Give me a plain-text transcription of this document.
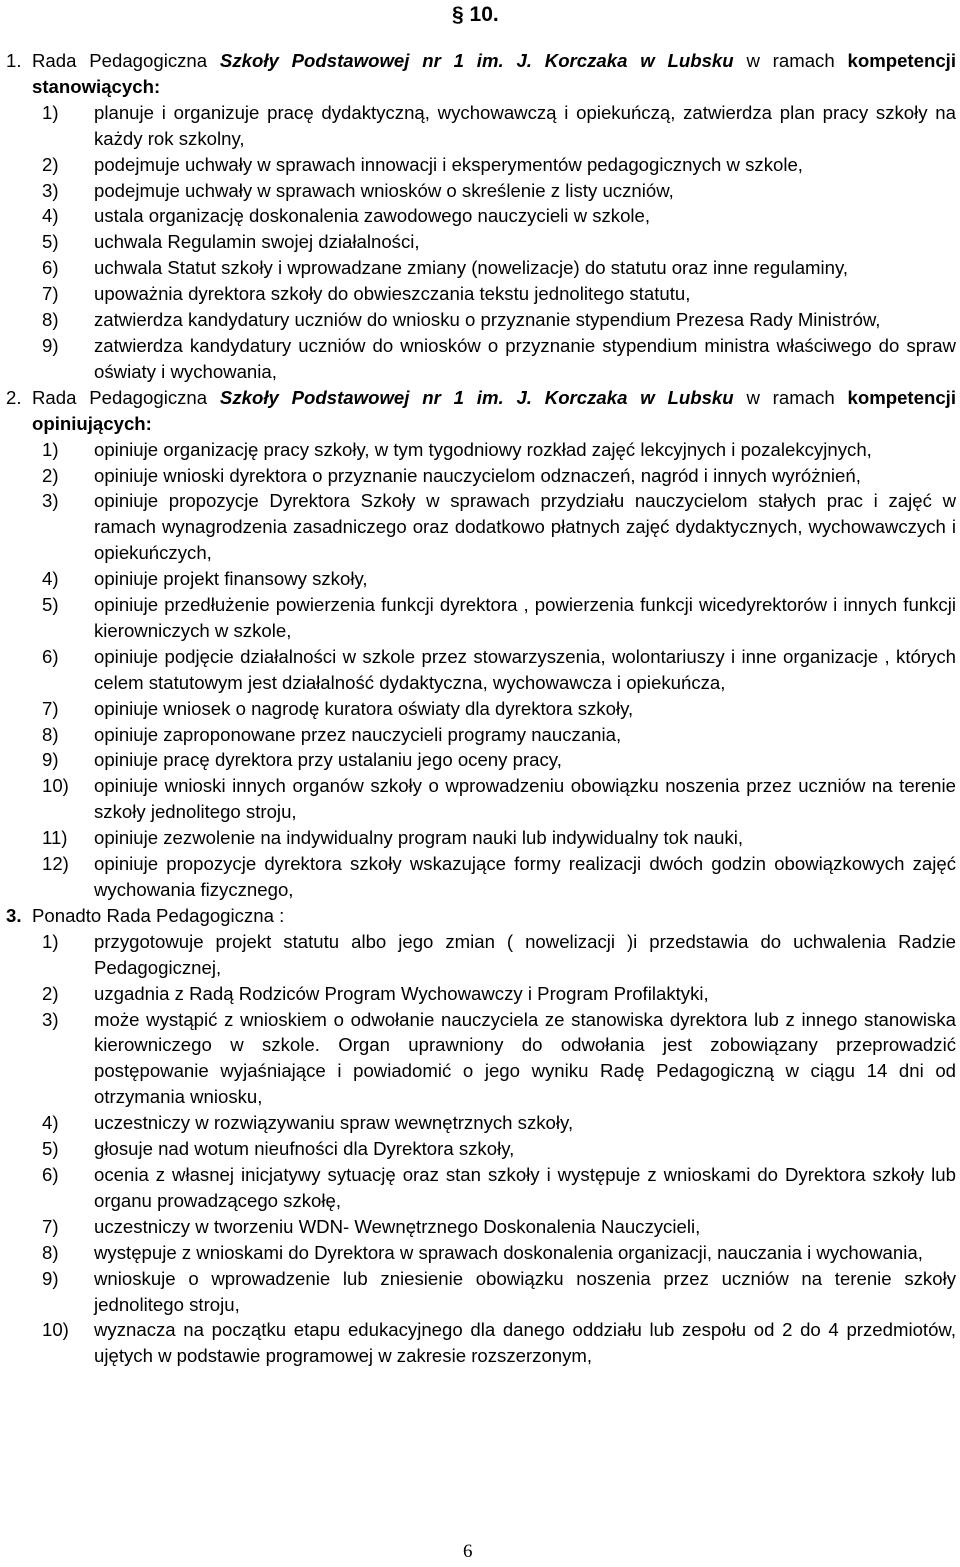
§ 10.
1. Rada Pedagogiczna Szkoły Podstawowej nr 1 im. J. Korczaka w Lubsku w ramach kompetencji stanowiących:
1)	planuje i organizuje pracę dydaktyczną, wychowawczą i opiekuńczą, zatwierdza plan pracy szkoły na każdy rok szkolny,
2)	podejmuje uchwały w sprawach innowacji i eksperymentów pedagogicznych w szkole,
3)	podejmuje uchwały w sprawach wniosków o skreślenie z listy uczniów,
4)	ustala organizację doskonalenia zawodowego nauczycieli w szkole,
5)	uchwala Regulamin swojej działalności,
6)	uchwala Statut szkoły i wprowadzane zmiany (nowelizacje) do statutu oraz inne regulaminy,
7)	upoważnia dyrektora szkoły do obwieszczania tekstu jednolitego statutu,
8)	zatwierdza kandydatury uczniów do wniosku o przyznanie stypendium Prezesa Rady Ministrów,
9)	zatwierdza kandydatury uczniów do wniosków o przyznanie stypendium ministra właściwego do spraw oświaty i wychowania,
2. Rada Pedagogiczna Szkoły Podstawowej nr 1 im. J. Korczaka w Lubsku w ramach kompetencji opiniujących:
1)	opiniuje organizację pracy szkoły, w tym tygodniowy rozkład zajęć lekcyjnych i pozalekcyjnych,
2)	opiniuje wnioski dyrektora o przyznanie nauczycielom odznaczeń, nagród i innych wyróżnień,
3)	opiniuje propozycje Dyrektora Szkoły w sprawach przydziału nauczycielom stałych prac i zajęć w ramach wynagrodzenia zasadniczego oraz dodatkowo płatnych zajęć dydaktycznych, wychowawczych i opiekuńczych,
4)	opiniuje projekt finansowy szkoły,
5)	opiniuje przedłużenie powierzenia funkcji dyrektora , powierzenia funkcji wicedyrektorów i innych funkcji kierowniczych w szkole,
6)	opiniuje podjęcie działalności w szkole przez stowarzyszenia, wolontariuszy i inne organizacje , których celem statutowym jest działalność dydaktyczna, wychowawcza i opiekuńcza,
7)	opiniuje wniosek o nagrodę kuratora oświaty dla dyrektora szkoły,
8)	opiniuje zaproponowane przez nauczycieli programy nauczania,
9)	opiniuje pracę dyrektora przy ustalaniu jego oceny pracy,
10)	opiniuje wnioski innych organów szkoły o wprowadzeniu obowiązku noszenia przez uczniów na terenie szkoły jednolitego stroju,
11)	opiniuje zezwolenie na indywidualny program nauki lub indywidualny tok nauki,
12)	opiniuje propozycje dyrektora szkoły wskazujące formy realizacji dwóch godzin obowiązkowych zajęć wychowania fizycznego,
3. Ponadto Rada Pedagogiczna :
1)	przygotowuje projekt statutu albo jego zmian ( nowelizacji )i przedstawia do uchwalenia Radzie Pedagogicznej,
2)	uzgadnia z Radą Rodziców Program Wychowawczy i Program Profilaktyki,
3)	może wystąpić z wnioskiem o odwołanie nauczyciela ze stanowiska dyrektora lub z innego stanowiska kierowniczego w szkole. Organ uprawniony do odwołania jest zobowiązany przeprowadzić postępowanie wyjaśniające i powiadomić o jego wyniku Radę Pedagogiczną w ciągu 14 dni od otrzymania wniosku,
4)	uczestniczy w rozwiązywaniu spraw wewnętrznych szkoły,
5)	głosuje nad wotum nieufności dla Dyrektora szkoły,
6)	ocenia z własnej inicjatywy sytuację oraz stan szkoły i występuje z wnioskami do Dyrektora szkoły lub organu prowadzącego szkołę,
7)	uczestniczy w tworzeniu WDN- Wewnętrznego Doskonalenia Nauczycieli,
8)	występuje z wnioskami do Dyrektora w sprawach doskonalenia organizacji, nauczania i wychowania,
9)	wnioskuje o wprowadzenie lub zniesienie obowiązku noszenia przez uczniów na terenie szkoły jednolitego stroju,
10)	wyznacza na początku etapu edukacyjnego dla danego oddziału lub zespołu od 2 do 4 przedmiotów, ujętych w podstawie programowej w zakresie rozszerzonym,
6
